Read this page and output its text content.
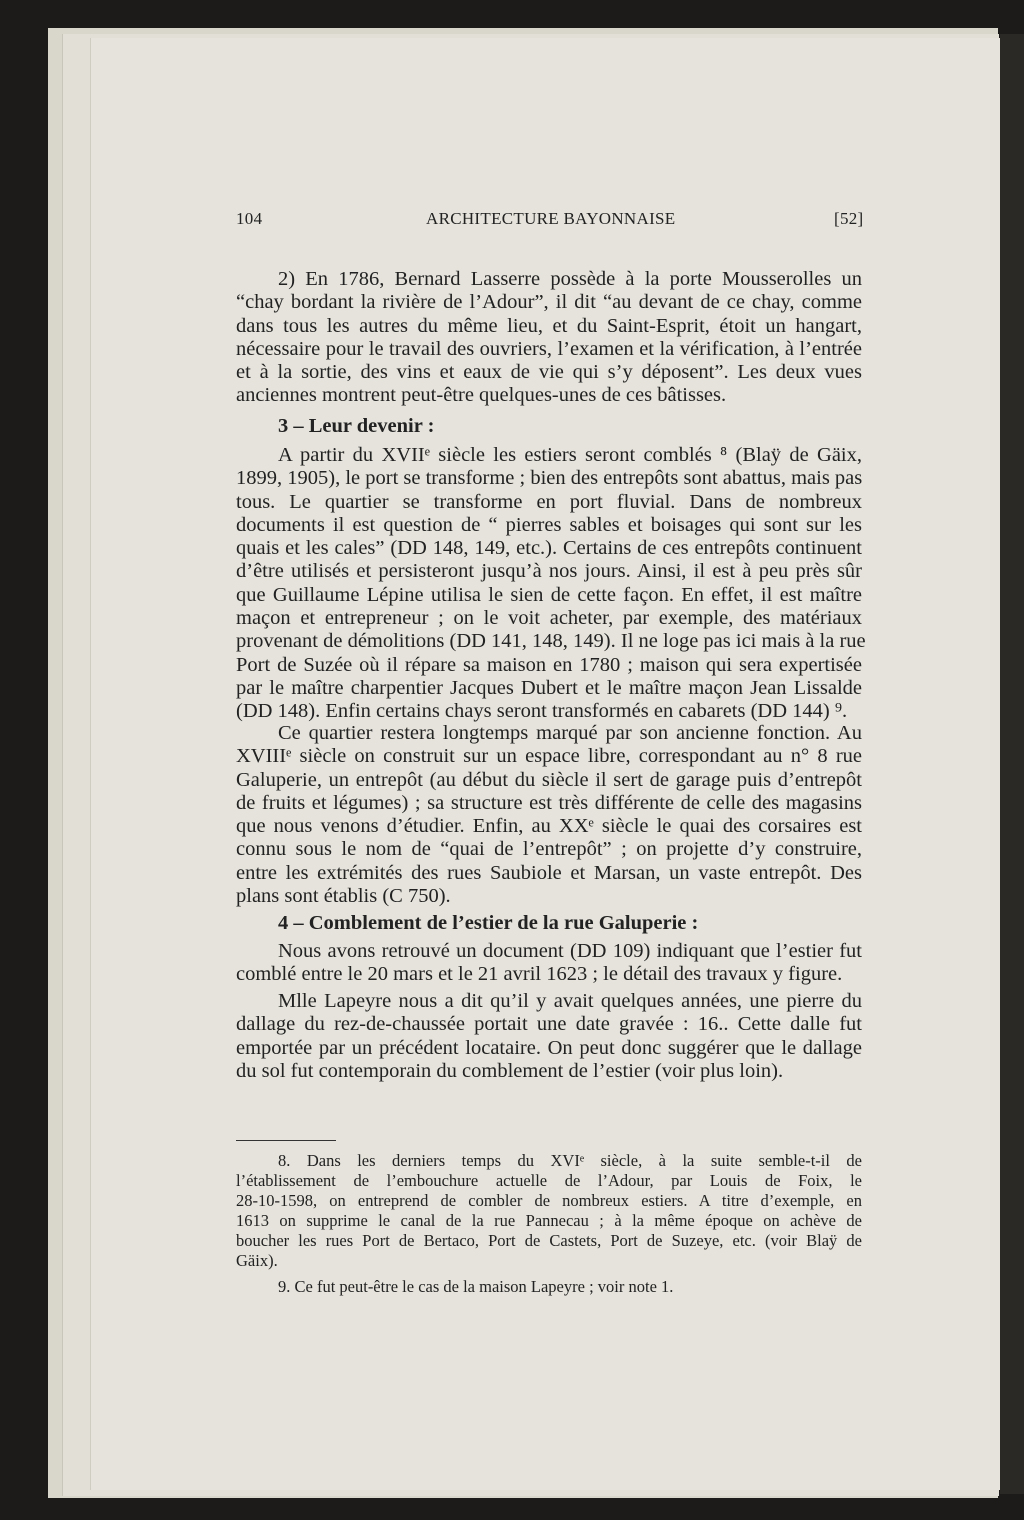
104	ARCHITECTURE BAYONNAISE	[52]
2) En 1786, Bernard Lasserre possède à la porte Mousserolles un
“chay bordant la rivière de l’Adour”, il dit “au devant de ce chay, comme
dans tous les autres du même lieu, et du Saint-Esprit, étoit un hangart,
nécessaire pour le travail des ouvriers, l’examen et la vérification, à l’entrée
et à la sortie, des vins et eaux de vie qui s’y déposent”. Les deux vues
anciennes montrent peut-être quelques-unes de ces bâtisses.
3 – Leur devenir :
A partir du XVIIᵉ siècle les estiers seront comblés ⁸ (Blaÿ de Gäix,
1899, 1905), le port se transforme ; bien des entrepôts sont abattus, mais pas
tous. Le quartier se transforme en port fluvial. Dans de nombreux
documents il est question de “ pierres sables et boisages qui sont sur les
quais et les cales” (DD 148, 149, etc.). Certains de ces entrepôts continuent
d’être utilisés et persisteront jusqu’à nos jours. Ainsi, il est à peu près sûr
que Guillaume Lépine utilisa le sien de cette façon. En effet, il est maître
maçon et entrepreneur ; on le voit acheter, par exemple, des matériaux
provenant de démolitions (DD 141, 148, 149). Il ne loge pas ici mais à la rue
Port de Suzée où il répare sa maison en 1780 ; maison qui sera expertisée
par le maître charpentier Jacques Dubert et le maître maçon Jean Lissalde
(DD 148). Enfin certains chays seront transformés en cabarets (DD 144) ⁹.
Ce quartier restera longtemps marqué par son ancienne fonction. Au
XVIIIᵉ siècle on construit sur un espace libre, correspondant au n° 8 rue
Galuperie, un entrepôt (au début du siècle il sert de garage puis d’entrepôt
de fruits et légumes) ; sa structure est très différente de celle des magasins
que nous venons d’étudier. Enfin, au XXᵉ siècle le quai des corsaires est
connu sous le nom de “quai de l’entrepôt” ; on projette d’y construire,
entre les extrémités des rues Saubiole et Marsan, un vaste entrepôt. Des
plans sont établis (C 750).
4 – Comblement de l’estier de la rue Galuperie :
Nous avons retrouvé un document (DD 109) indiquant que l’estier fut
comblé entre le 20 mars et le 21 avril 1623 ; le détail des travaux y figure.
Mlle Lapeyre nous a dit qu’il y avait quelques années, une pierre du
dallage du rez-de-chaussée portait une date gravée : 16.. Cette dalle fut
emportée par un précédent locataire. On peut donc suggérer que le dallage
du sol fut contemporain du comblement de l’estier (voir plus loin).
8. Dans les derniers temps du XVIᵉ siècle, à la suite semble-t-il de
l’établissement de l’embouchure actuelle de l’Adour, par Louis de Foix, le
28-10-1598, on entreprend de combler de nombreux estiers. A titre d’exemple, en
1613 on supprime le canal de la rue Pannecau ; à la même époque on achève de
boucher les rues Port de Bertaco, Port de Castets, Port de Suzeye, etc. (voir Blaÿ de
Gäix).
9. Ce fut peut-être le cas de la maison Lapeyre ; voir note 1.
